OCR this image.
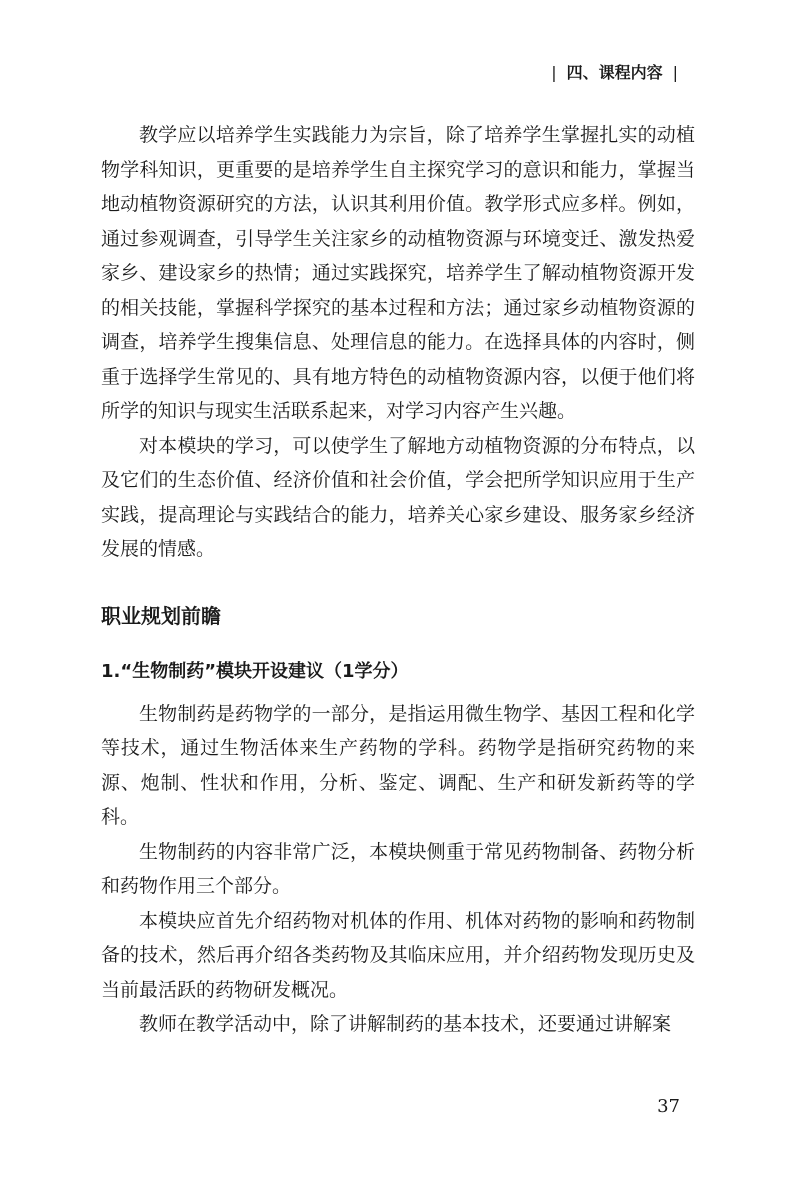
| 四、课程内容 |

教学应以培养学生实践能力为宗旨，除了培养学生掌握扎实的动植物学科知识，更重要的是培养学生自主探究学习的意识和能力，掌握当地动植物资源研究的方法，认识其利用价值。教学形式应多样。例如，通过参观调查，引导学生关注家乡的动植物资源与环境变迁、激发热爱家乡、建设家乡的热情；通过实践探究，培养学生了解动植物资源开发的相关技能，掌握科学探究的基本过程和方法；通过家乡动植物资源的调查，培养学生搜集信息、处理信息的能力。在选择具体的内容时，侧重于选择学生常见的、具有地方特色的动植物资源内容，以便于他们将所学的知识与现实生活联系起来，对学习内容产生兴趣。

对本模块的学习，可以使学生了解地方动植物资源的分布特点，以及它们的生态价值、经济价值和社会价值，学会把所学知识应用于生产实践，提高理论与实践结合的能力，培养关心家乡建设、服务家乡经济发展的情感。

职业规划前瞻
1.“生物制药”模块开设建议（1学分）

生物制药是药物学的一部分，是指运用微生物学、基因工程和化学等技术，通过生物活体来生产药物的学科。药物学是指研究药物的来源、炮制、性状和作用，分析、鉴定、调配、生产和研发新药等的学科。

生物制药的内容非常广泛，本模块侧重于常见药物制备、药物分析和药物作用三个部分。

本模块应首先介绍药物对机体的作用、机体对药物的影响和药物制备的技术，然后再介绍各类药物及其临床应用，并介绍药物发现历史及当前最活跃的药物研发概况。

教师在教学活动中，除了讲解制药的基本技术，还要通过讲解案

37
